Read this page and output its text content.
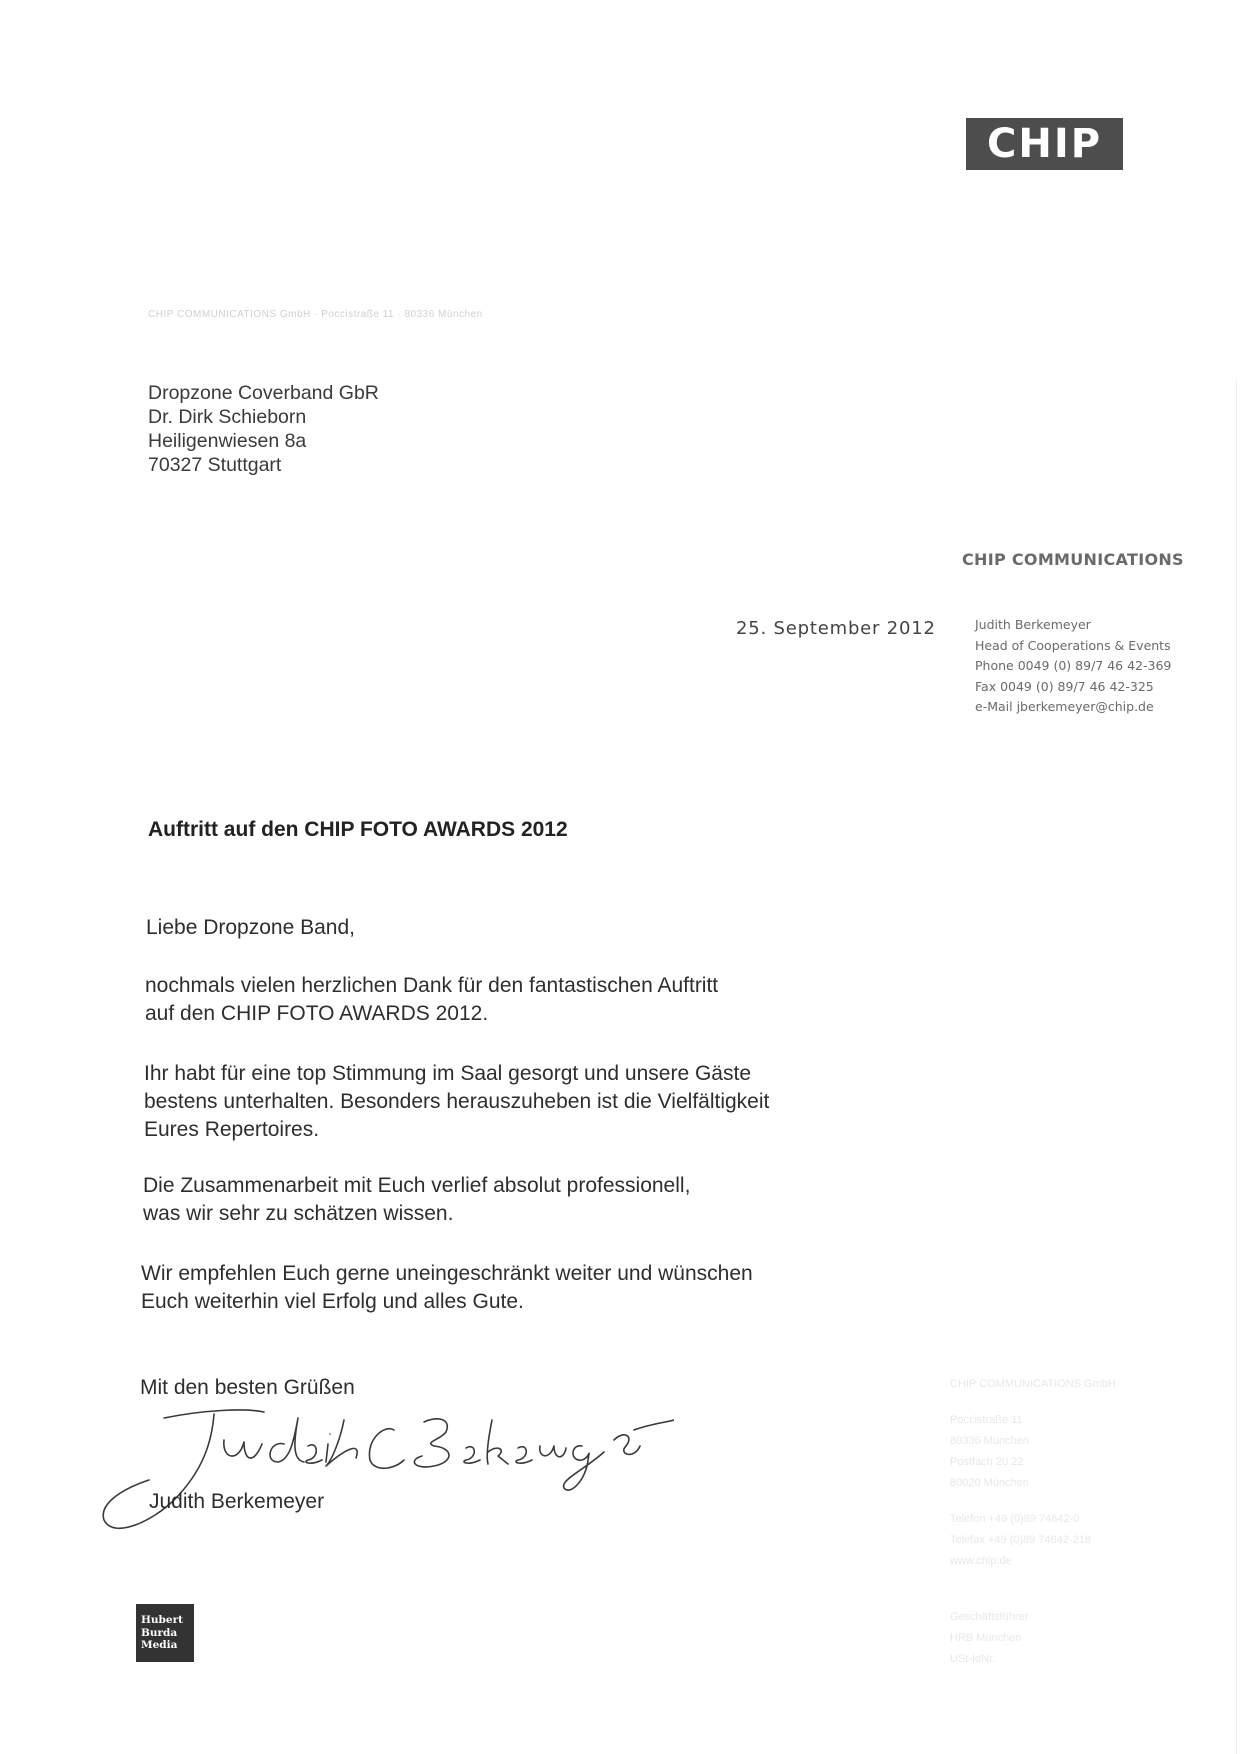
CHIP
CHIP COMMUNICATIONS GmbH · Poccistraße 11 · 80336 München
Dropzone Coverband GbR
Dr. Dirk Schieborn
Heiligenwiesen 8a
70327 Stuttgart
CHIP COMMUNICATIONS
25. September 2012	Judith Berkemeyer
Head of Cooperations & Events
Phone 0049 (0) 89/7 46 42-369
Fax 0049 (0) 89/7 46 42-325
e-Mail jberkemeyer@chip.de
Auftritt auf den CHIP FOTO AWARDS 2012
Liebe Dropzone Band,
nochmals vielen herzlichen Dank für den fantastischen Auftritt
auf den CHIP FOTO AWARDS 2012.
Ihr habt für eine top Stimmung im Saal gesorgt und unsere Gäste
bestens unterhalten. Besonders herauszuheben ist die Vielfältigkeit
Eures Repertoires.
Die Zusammenarbeit mit Euch verlief absolut professionell,
was wir sehr zu schätzen wissen.
Wir empfehlen Euch gerne uneingeschränkt weiter und wünschen
Euch weiterhin viel Erfolg und alles Gute.
Mit den besten Grüßen
Judith Berkemeyer
Hubert
Burda
Media
CHIP COMMUNICATIONS GmbH
Poccistraße 11
80336 München
Postfach 20 22
80020 München
Telefon +49 (0)89 74642-0
Telefax +49 (0)89 74642-218
www.chip.de
Geschäftsführer
HRB München
USt-IdNr.
